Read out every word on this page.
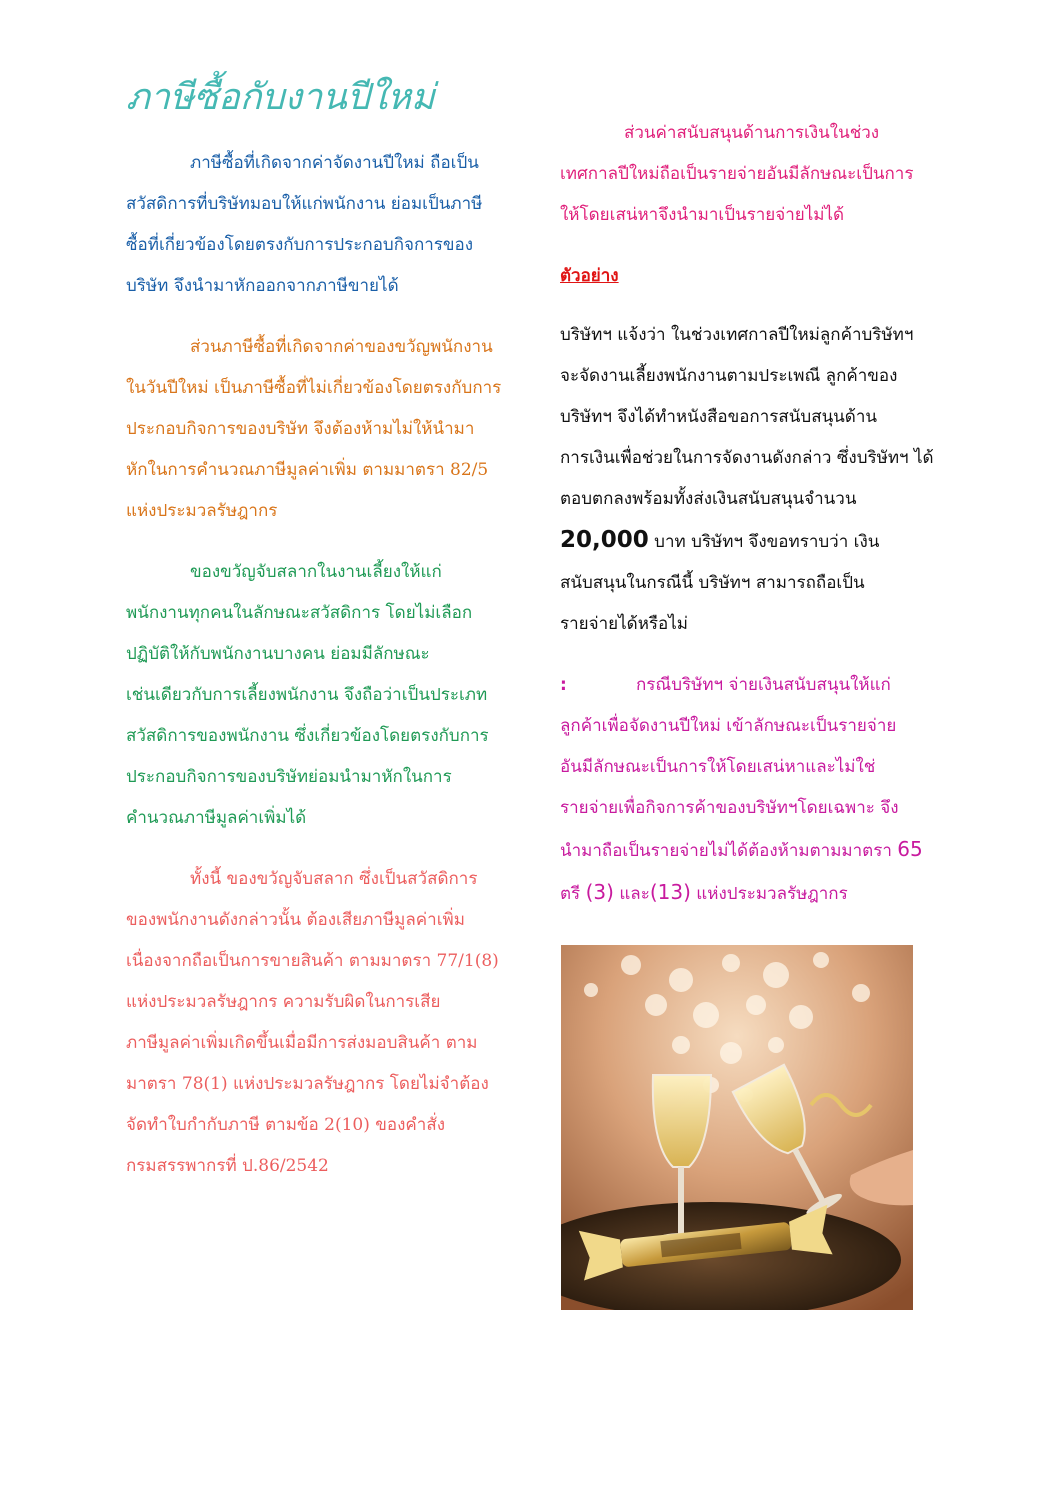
ภาษีซื้อกับงานปีใหม่
ภาษีซื้อที่เกิดจากค่าจัดงานปีใหม่ ถือเป็น
สวัสดิการที่บริษัทมอบให้แก่พนักงาน ย่อมเป็นภาษี
ซื้อที่เกี่ยวข้องโดยตรงกับการประกอบกิจการของ
บริษัท จึงนำมาหักออกจากภาษีขายได้
ส่วนภาษีซื้อที่เกิดจากค่าของขวัญพนักงาน
ในวันปีใหม่ เป็นภาษีซื้อที่ไม่เกี่ยวข้องโดยตรงกับการ
ประกอบกิจการของบริษัท จึงต้องห้ามไม่ให้นำมา
หักในการคำนวณภาษีมูลค่าเพิ่ม ตามมาตรา 82/5
แห่งประมวลรัษฎากร
ของขวัญจับสลากในงานเลี้ยงให้แก่
พนักงานทุกคนในลักษณะสวัสดิการ โดยไม่เลือก
ปฏิบัติให้กับพนักงานบางคน ย่อมมีลักษณะ
เช่นเดียวกับการเลี้ยงพนักงาน จึงถือว่าเป็นประเภท
สวัสดิการของพนักงาน ซึ่งเกี่ยวข้องโดยตรงกับการ
ประกอบกิจการของบริษัทย่อมนำมาหักในการ
คำนวณภาษีมูลค่าเพิ่มได้
ทั้งนี้ ของขวัญจับสลาก ซึ่งเป็นสวัสดิการ
ของพนักงานดังกล่าวนั้น ต้องเสียภาษีมูลค่าเพิ่ม
เนื่องจากถือเป็นการขายสินค้า ตามมาตรา 77/1(8)
แห่งประมวลรัษฎากร ความรับผิดในการเสีย
ภาษีมูลค่าเพิ่มเกิดขึ้นเมื่อมีการส่งมอบสินค้า ตาม
มาตรา 78(1) แห่งประมวลรัษฎากร โดยไม่จำต้อง
จัดทำใบกำกับภาษี ตามข้อ 2(10) ของคำสั่ง
กรมสรรพากรที่ ป.86/2542
ส่วนค่าสนับสนุนด้านการเงินในช่วง
เทศกาลปีใหม่ถือเป็นรายจ่ายอันมีลักษณะเป็นการ
ให้โดยเสน่หาจึงนำมาเป็นรายจ่ายไม่ได้
ตัวอย่าง
บริษัทฯ แจ้งว่า ในช่วงเทศกาลปีใหม่ลูกค้าบริษัทฯ
จะจัดงานเลี้ยงพนักงานตามประเพณี ลูกค้าของ
บริษัทฯ จึงได้ทำหนังสือขอการสนับสนุนด้าน
การเงินเพื่อช่วยในการจัดงานดังกล่าว ซึ่งบริษัทฯ ได้
ตอบตกลงพร้อมทั้งส่งเงินสนับสนุนจำนวน
20,000 บาท บริษัทฯ จึงขอทราบว่า เงิน
สนับสนุนในกรณีนี้ บริษัทฯ สามารถถือเป็น
รายจ่ายได้หรือไม่
:	กรณีบริษัทฯ จ่ายเงินสนับสนุนให้แก่
ลูกค้าเพื่อจัดงานปีใหม่ เข้าลักษณะเป็นรายจ่าย
อันมีลักษณะเป็นการให้โดยเสน่หาและไม่ใช่
รายจ่ายเพื่อกิจการค้าของบริษัทฯโดยเฉพาะ จึง
นำมาถือเป็นรายจ่ายไม่ได้ต้องห้ามตามมาตรา 65
ตรี (3) และ(13) แห่งประมวลรัษฎากร
